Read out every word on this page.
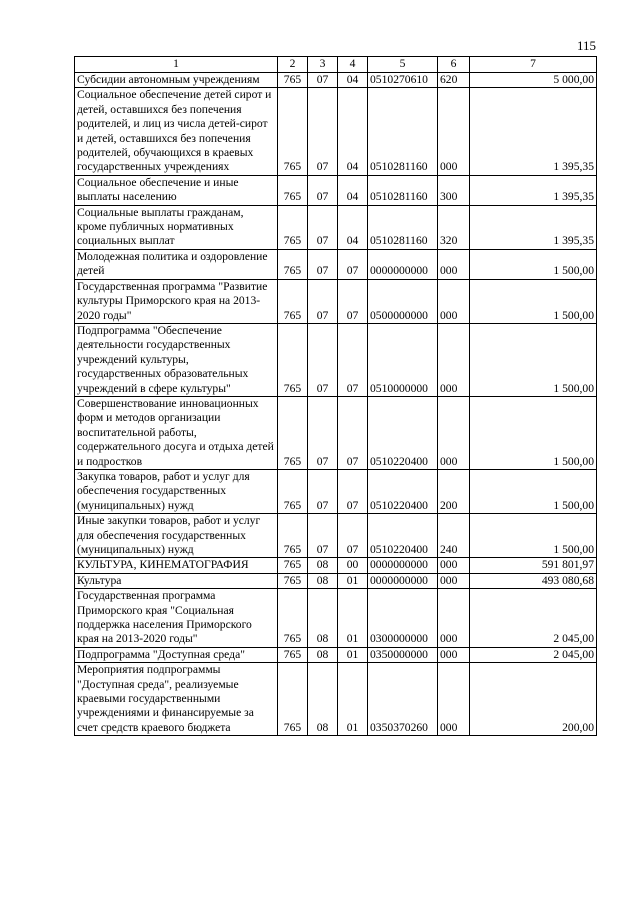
115
1	2	3	4	5	6	7
Субсидии автономным учреждениям	765	07	04	0510270610	620	5 000,00
Социальное обеспечение детей сирот и детей, оставшихся без попечения родителей, и лиц из числа детей-сирот и детей, оставшихся без попечения родителей, обучающихся в краевых государственных учреждениях	765	07	04	0510281160	000	1 395,35
Социальное обеспечение и иные выплаты населению	765	07	04	0510281160	300	1 395,35
Социальные выплаты гражданам, кроме публичных нормативных социальных выплат	765	07	04	0510281160	320	1 395,35
Молодежная политика и оздоровление детей	765	07	07	0000000000	000	1 500,00
Государственная программа "Развитие культуры Приморского края на 2013-2020 годы"	765	07	07	0500000000	000	1 500,00
Подпрограмма "Обеспечение деятельности государственных учреждений культуры, государственных образовательных учреждений в сфере культуры"	765	07	07	0510000000	000	1 500,00
Совершенствование инновационных форм и методов организации воспитательной работы, содержательного досуга и отдыха детей и подростков	765	07	07	0510220400	000	1 500,00
Закупка товаров, работ и услуг для обеспечения государственных (муниципальных) нужд	765	07	07	0510220400	200	1 500,00
Иные закупки товаров, работ и услуг для обеспечения государственных (муниципальных) нужд	765	07	07	0510220400	240	1 500,00
КУЛЬТУРА, КИНЕМАТОГРАФИЯ	765	08	00	0000000000	000	591 801,97
Культура	765	08	01	0000000000	000	493 080,68
Государственная программа Приморского края "Социальная поддержка населения Приморского края на 2013-2020 годы"	765	08	01	0300000000	000	2 045,00
Подпрограмма "Доступная среда"	765	08	01	0350000000	000	2 045,00
Мероприятия подпрограммы "Доступная среда", реализуемые краевыми государственными учреждениями и финансируемые за счет средств краевого бюджета	765	08	01	0350370260	000	200,00
